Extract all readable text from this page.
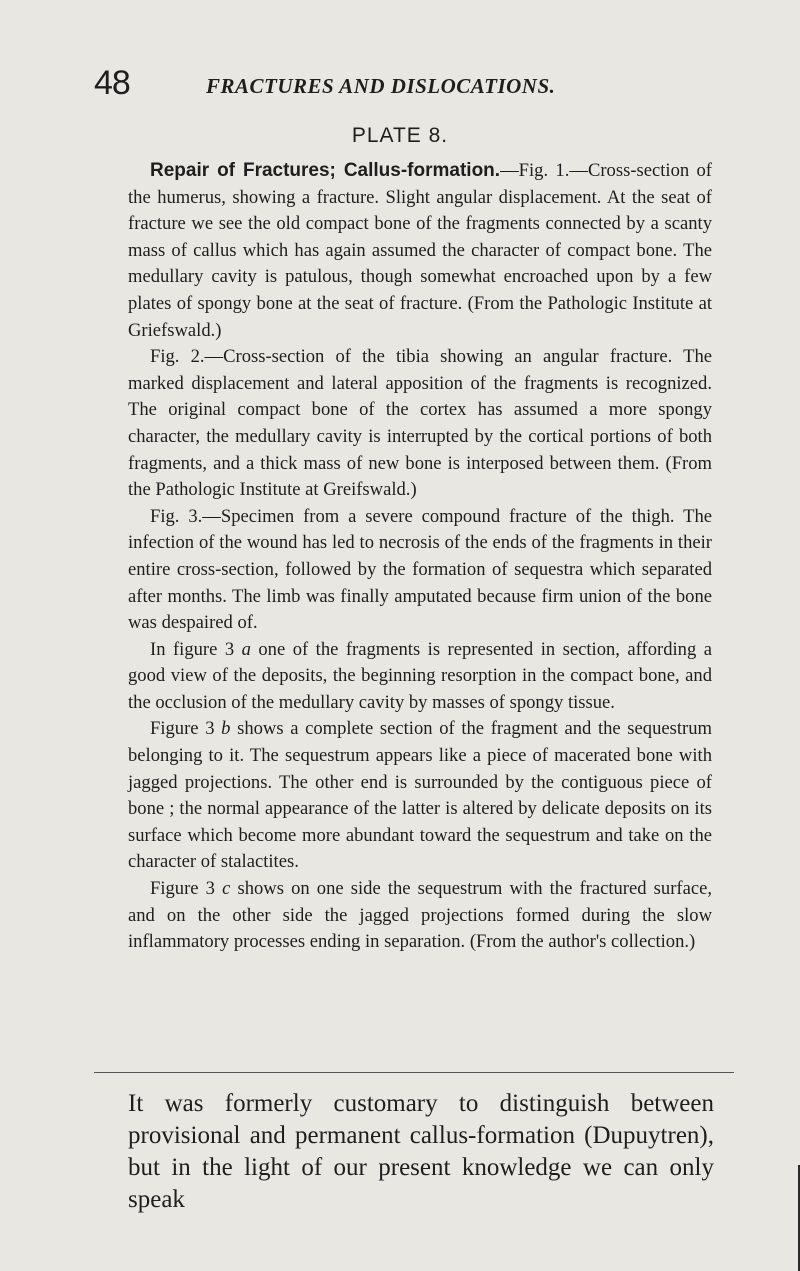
48	FRACTURES AND DISLOCATIONS.
PLATE 8.

Repair of Fractures; Callus-formation.—Fig. 1.—Cross-section of the humerus, showing a fracture. Slight angular displacement. At the seat of fracture we see the old compact bone of the fragments connected by a scanty mass of callus which has again assumed the character of compact bone. The medullary cavity is patulous, though somewhat encroached upon by a few plates of spongy bone at the seat of fracture. (From the Pathologic Institute at Griefswald.)

Fig. 2.—Cross-section of the tibia showing an angular fracture. The marked displacement and lateral apposition of the fragments is recognized. The original compact bone of the cortex has assumed a more spongy character, the medullary cavity is interrupted by the cortical portions of both fragments, and a thick mass of new bone is interposed between them. (From the Pathologic Institute at Greifswald.)

Fig. 3.—Specimen from a severe compound fracture of the thigh. The infection of the wound has led to necrosis of the ends of the fragments in their entire cross-section, followed by the formation of sequestra which separated after months. The limb was finally amputated because firm union of the bone was despaired of.

In figure 3 a one of the fragments is represented in section, affording a good view of the deposits, the beginning resorption in the compact bone, and the occlusion of the medullary cavity by masses of spongy tissue.

Figure 3 b shows a complete section of the fragment and the sequestrum belonging to it. The sequestrum appears like a piece of macerated bone with jagged projections. The other end is surrounded by the contiguous piece of bone ; the normal appearance of the latter is altered by delicate deposits on its surface which become more abundant toward the sequestrum and take on the character of stalactites.

Figure 3 c shows on one side the sequestrum with the fractured surface, and on the other side the jagged projections formed during the slow inflammatory processes ending in separation. (From the author's collection.)

It was formerly customary to distinguish between provisional and permanent callus-formation (Dupuytren), but in the light of our present knowledge we can only speak
